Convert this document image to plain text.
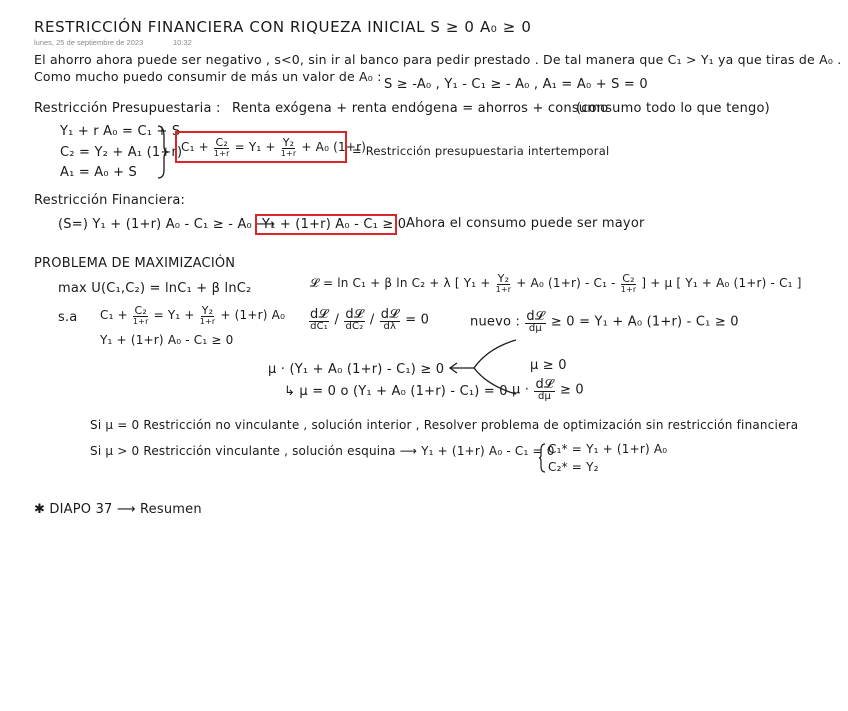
RESTRICCIÓN FINANCIERA CON RIQUEZA INICIAL S ≥ 0 A₀ ≥ 0
lunes, 25 de septiembre de 2023	10:32
El ahorro ahora puede ser negativo , s<0, sin ir al banco para pedir prestado . De tal manera que C₁ > Y₁ ya que tiras de A₀ .
Como mucho puedo consumir de más un valor de A₀ :
S ≥ -A₀ , Y₁ - C₁ ≥ - A₀ , A₁ = A₀ + S = 0
Restricción Presupuestaria : Renta exógena + renta endógena = ahorros + consumo
(consumo todo lo que tengo)
Y₁ + r A₀ = C₁ + S
C₂ = Y₂ + A₁ (1+r)
A₁ = A₀ + S
$C_1 + \frac{\text{C₂}}{1+r} = Y_1 + \frac{\text{Y₂}}{1+r} + A_0$ (1+r)
= Restricción presupuestaria intertemporal
Restricción Financiera:
(S=) Y₁ + (1+r) A₀ - C₁ ≥ - A₀ ⟶
Y₁ + (1+r) A₀ - C₁ ≥ 0 Ahora el consumo puede ser mayor
PROBLEMA DE MAXIMIZACIÓN
max U(C₁,C₂) = lnC₁ + β lnC₂	𝓛 = ln C₁ + β ln C₂ + λ [ $Y_1 + \frac{\text{Y₂}}{1+r} + A_0$ $(1+r) - C_1 - \frac{\text{C₂}}{1+r}$ ] + μ [ Y₁ + A₀ (1+r) - C₁ ]
s.a $C_1 + \frac{\text{C₂}}{1+r} = Y_1 + \frac{\text{Y₂}}{1+r} + (1+r)$ A₀
Y₁ + (1+r) A₀ - C₁ ≥ 0
$\frac{\text{d𝓛}}{\text{dC₁}} / \frac{\text{d𝓛}}{\text{dC₂}} / \frac{\text{d𝓛}}{d\lambda} = 0$	nuevo : $\frac{\text{d𝓛}}{d\mu} \ge 0 = Y_1 + A_0$ (1+r) - C₁ ≥ 0
μ · (Y₁ + A₀ (1+r) - C₁) ≥ 0
↳ μ = 0 o (Y₁ + A₀ (1+r) - C₁) = 0
μ ≥ 0
$\mu \cdot \frac{\text{d𝓛}}{d\mu} \ge 0$
Si μ = 0 Restricción no vinculante , solución interior , Resolver problema de optimización sin restricción financiera
Si μ > 0 Restricción vinculante , solución esquina ⟶ Y₁ + (1+r) A₀ - C₁ = 0
C₁* = Y₁ + (1+r) A₀
C₂* = Y₂
✱ DIAPO 37 ⟶ Resumen
